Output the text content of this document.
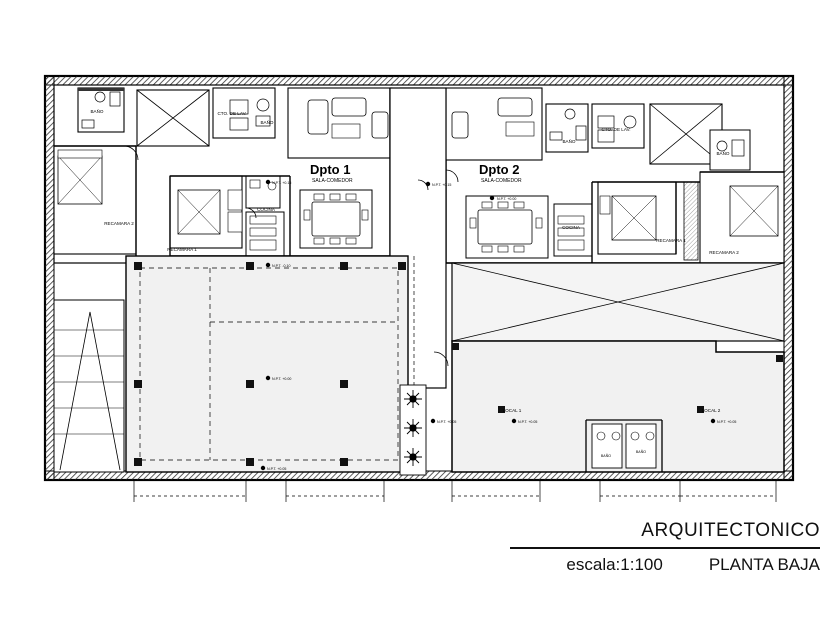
N.P.T. +0.00
N.P.T. +0.15
N.P.T. +0.15
N.P.T. -0.10
N.P.T. +0.00
N.P.T. +0.05
N.P.T. +0.05	N.P.T. +0.05	N.P.T. +0.05
BAÑO	CTO. DE LAV.
BAÑO
RECAMARA 2
RECAMARA 1
COCINA
BAÑO
CTO. DE LAV.
BAÑO
COCINA
RECAMARA 1
RECAMARA 2
LOCAL 1	LOCAL 2
BAÑO
BAÑO
Dpto 1
SALA-COMEDOR
Dpto 2
SALA-COMEDOR
ARQUITECTONICO
escala:1:100	PLANTA BAJA
